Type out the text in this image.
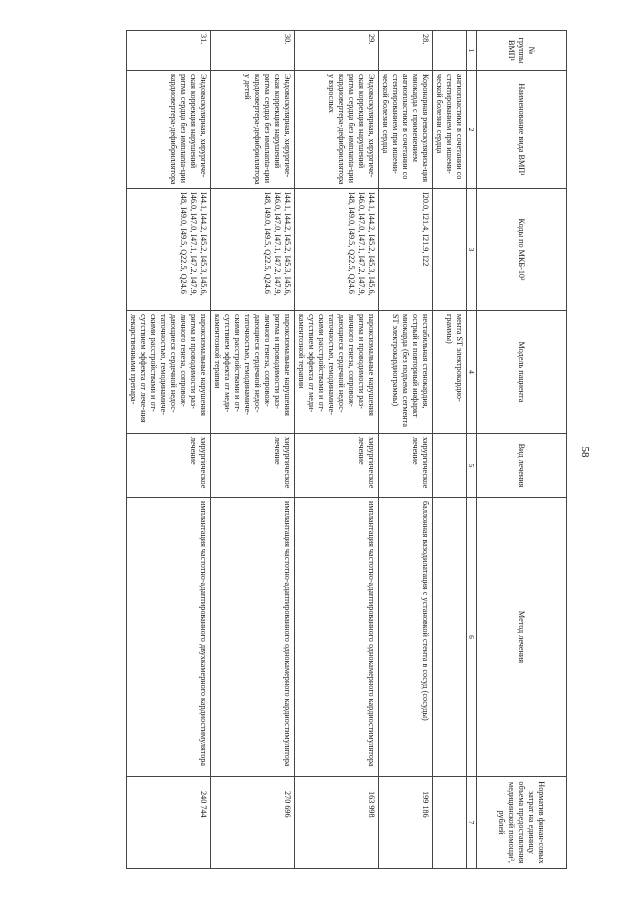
58
№ группы ВМП¹	Наименование вида ВМП¹	Коды по МКБ-10²	Модель пациента	Вид лечения	Метод лечения	Норматив финан-совых затрат на единицу объема предоставления медицинской помощи³, рублей
1	2	3	4	5	6	7
	ангиопластики в сочетании со стентированием при ишеми-ческой болезни сердца		мента ST электрокардио-граммы)			
28.	Коронарная реваскуляриза-ция миокарда с применением ангиопластики в сочетании со стентированием при ишеми-ческой болезни сердца	I20.0, I21.4, I21.9, I22	нестабильная стенокардия, острый и повторный инфаркт миокарда (без подъема сегмента ST электрокардиограммы)	хирургическое лечение	баллонная вазодилатация с установкой стента в сосуд (сосуды)	199 186
29.	Эндоваскулярная, хирургиче-ская коррекция нарушений ритма сердца без имплanta-ции кардиовертера-дефибриллятора у взрослых	I44.1, I44.2, I45.2, I45.3, I45.6, I46.0, I47.0, I47.1, I47.2, I47.9, I48, I49.0, I49.5, Q22.5, Q24.6	пароксизмальные нарушения ритма и проводимости раз-личного генеза, сопровож-дающиеся сердечной недос-таточностью, гемодинамиче-скими расстройствами и от-сутствием эффекта от меди-каментозной терапии	хирургическое лечение	имплантация частотно-адаптированного однокамерного кардиостимулятора	163 998
30.	Эндоваскулярная, хирургиче-ская коррекция нарушений ритма сердца без имплanta-ции кардиовертера-дефибриллятора у детей	I44.1, I44.2, I45.2, I45.3, I45.6, I46.0, I47.0, I47.1, I47.2, I47.9, I48, I49.0, I49.5, Q22.5, Q24.6	пароксизмальные нарушения ритма и проводимости раз-личного генеза, сопровож-дающиеся сердечной недос-таточностью, гемодинамиче-скими расстройствами и от-сутствием эффекта от меди-каментозной терапии	хирургическое лечение	имплантация частотно-адаптированного однокамерного кардиостимулятора	270 696
31.	Эндоваскулярная, хирургиче-ская коррекция нарушений ритма сердца без имплanta-ции кардиовертера-дефибриллятора	I44.1, I44.2, I45.2, I45.3, I45.6, I46.0, I47.0, I47.1, I47.2, I47.9, I48, I49.0, I49.5, Q22.5, Q24.6	пароксизмальные нарушения ритма и проводимости раз-личного генеза, сопровож-дающиеся сердечной недос-таточностью, гемодинамиче-скими расстройствами и от-сутствием эффекта от лече-ния лекарственными препара-	хирургическое лечение	имплантация частотно-адаптированного двухкамерного кардиостимулятора	240 744
